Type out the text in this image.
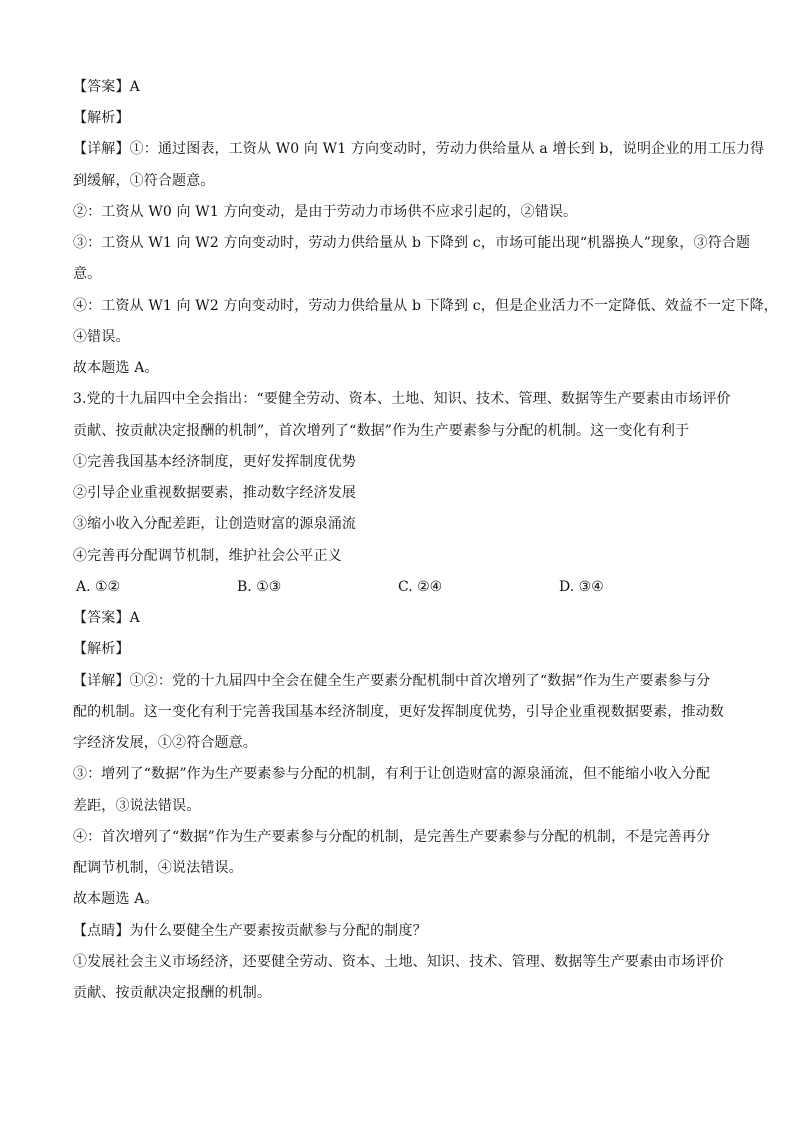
【答案】A
【解析】
【详解】①：通过图表，工资从 W0 向 W1 方向变动时，劳动力供给量从 a 增长到 b，说明企业的用工压力得
到缓解，①符合题意。
②：工资从 W0 向 W1 方向变动，是由于劳动力市场供不应求引起的，②错误。
③：工资从 W1 向 W2 方向变动时，劳动力供给量从 b 下降到 c，市场可能出现“机器换人”现象，③符合题
意。
④：工资从 W1 向 W2 方向变动时，劳动力供给量从 b 下降到 c，但是企业活力不一定降低、效益不一定下降，
④错误。
故本题选 A。
3.党的十九届四中全会指出：“要健全劳动、资本、土地、知识、技术、管理、数据等生产要素由市场评价
贡献、按贡献决定报酬的机制”，首次增列了“数据”作为生产要素参与分配的机制。这一变化有利于
①完善我国基本经济制度，更好发挥制度优势
②引导企业重视数据要素，推动数字经济发展
③缩小收入分配差距，让创造财富的源泉涌流
④完善再分配调节机制，维护社会公平正义
A. ①②	B. ①③	C. ②④	D. ③④
【答案】A
【解析】
【详解】①②：党的十九届四中全会在健全生产要素分配机制中首次增列了“数据”作为生产要素参与分
配的机制。这一变化有利于完善我国基本经济制度，更好发挥制度优势，引导企业重视数据要素，推动数
字经济发展，①②符合题意。
③：增列了“数据”作为生产要素参与分配的机制，有利于让创造财富的源泉涌流，但不能缩小收入分配
差距，③说法错误。
④：首次增列了“数据”作为生产要素参与分配的机制，是完善生产要素参与分配的机制，不是完善再分
配调节机制，④说法错误。
故本题选 A。
【点睛】为什么要健全生产要素按贡献参与分配的制度？
①发展社会主义市场经济，还要健全劳动、资本、土地、知识、技术、管理、数据等生产要素由市场评价
贡献、按贡献决定报酬的机制。
